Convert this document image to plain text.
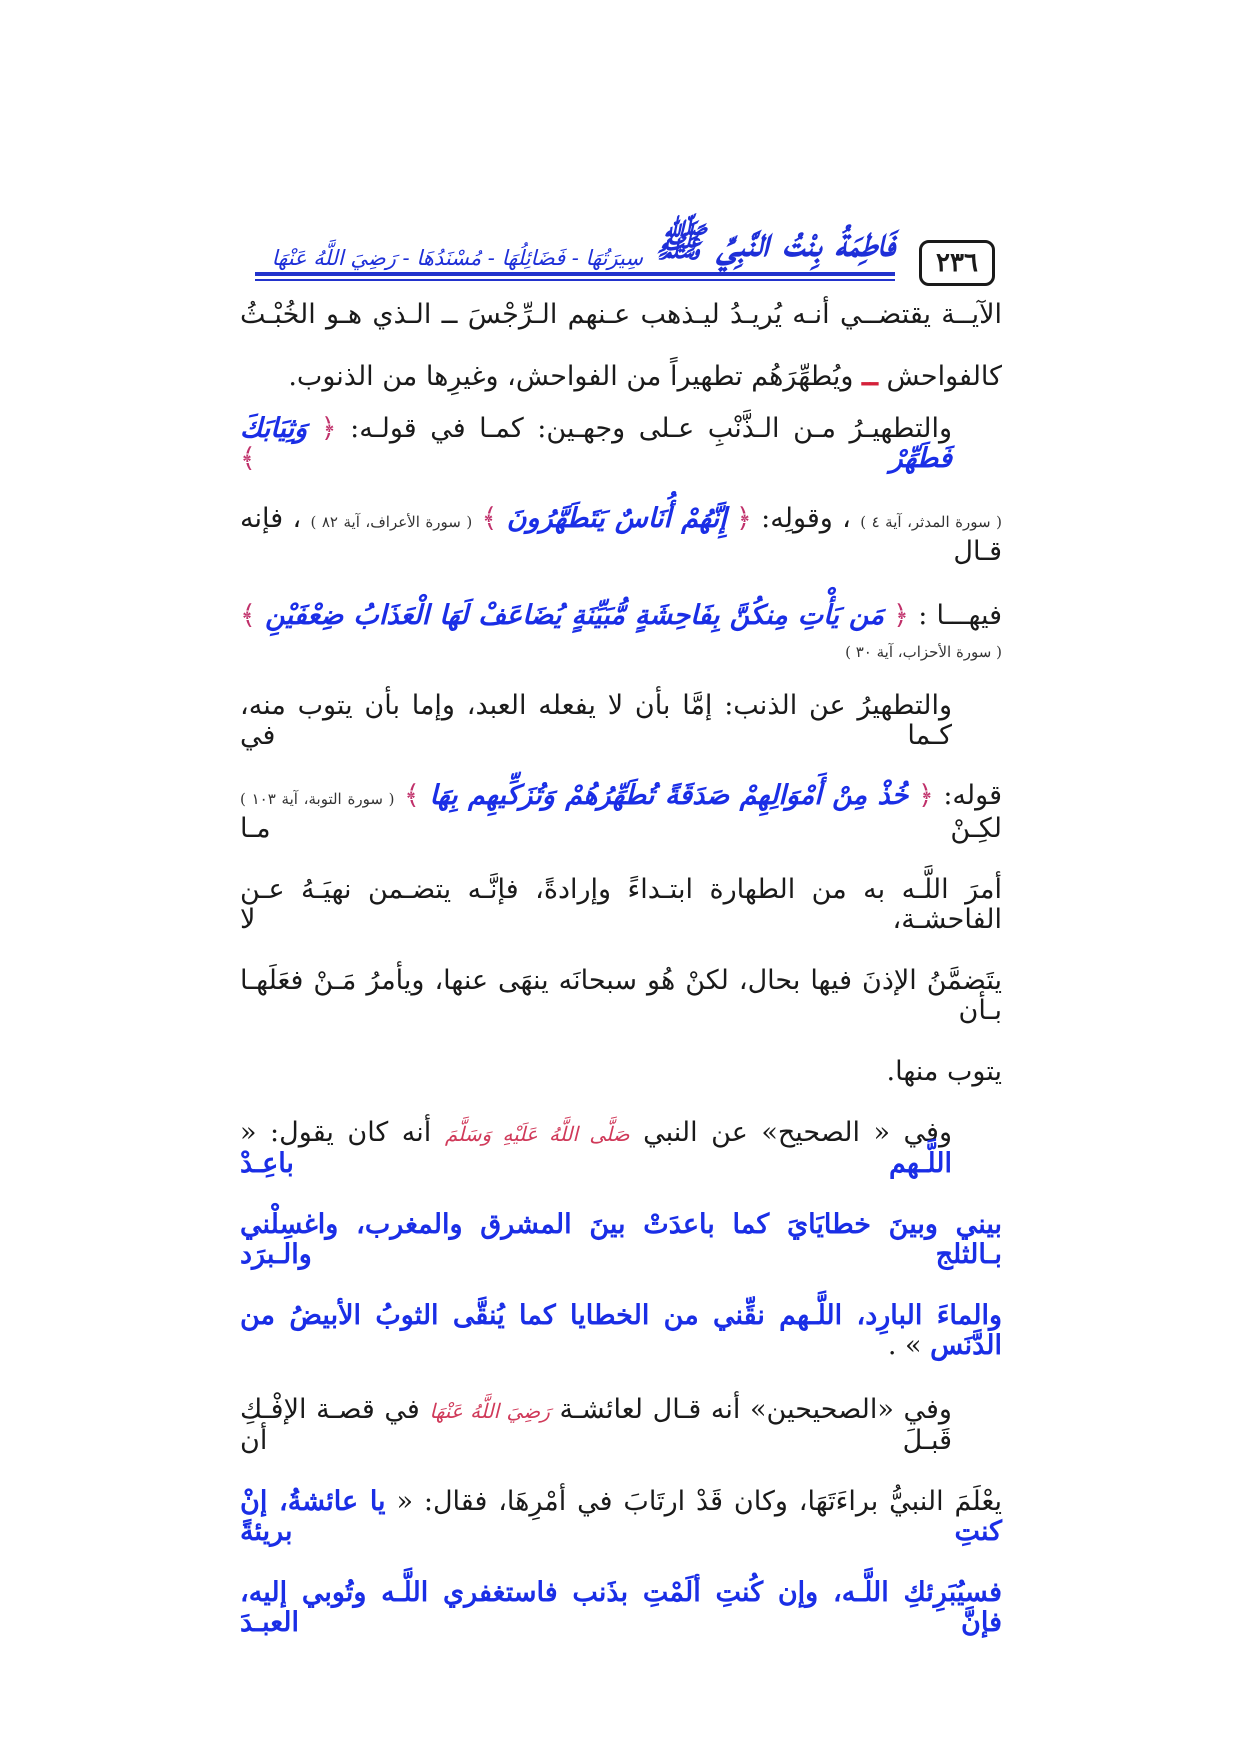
٢٣٦
فَاطِمَةُ بِنْتُ النَّبِيِّ ﷺ
سِيرَتُهَا - فَضَائِلُهَا - مُسْنَدُهَا - رَضِيَ اللَّهُ عَنْهَا
الآيــة يقتضــي أنـه يُريـدُ ليـذهب عـنهم الـرِّجْسَ ــ الـذي هـو الخُبْـثُ
كالفواحش ــ ويُطهِّرَهُم تطهيراً من الفواحش، وغيرِها من الذنوب.
والتطهيـرُ مـن الـذَّنْبِ عـلى وجهـين: كمـا في قولـه: ﴿ وَثِيَابَكَ فَطَهِّرْ ﴾
( سورة المدثر، آية ٤ ) ، وقولِه: ﴿ إِنَّهُمْ أُنَاسٌ يَتَطَهَّرُونَ ﴾ ( سورة الأعراف، آية ٨٢ ) ، فإنه قـال
فيهـــا : ﴿ مَن يَأْتِ مِنكُنَّ بِفَاحِشَةٍ مُّبَيِّنَةٍ يُضَاعَفْ لَهَا الْعَذَابُ ضِعْفَيْنِ ﴾
( سورة الأحزاب، آية ٣٠ )
والتطهيرُ عن الذنب: إمَّا بأن لا يفعله العبد، وإما بأن يتوب منه، كـما في
قوله: ﴿ خُذْ مِنْ أَمْوَالِهِمْ صَدَقَةً تُطَهِّرُهُمْ وَتُزَكِّيهِم بِهَا ﴾ ( سورة التوبة، آية ١٠٣ ) لكِـنْ مـا
أمرَ اللَّـه به من الطهارة ابتـداءً وإرادةً، فإنَّـه يتضـمن نهيَـهُ عـن الفاحشـة، لا
يتَضمَّنُ الإذنَ فيها بحال، لكنْ هُو سبحانَه ينهَى عنها، ويأمرُ مَـنْ فعَلَهـا بـأن
يتوب منها.
وفي « الصحيح» عن النبي صَلَّى اللَّهُ عَلَيْهِ وَسَلَّمَ أنه كان يقول: « اللَّـهم باعِـدْ
بيني وبينَ خطايَايَ كما باعدَتْ بينَ المشرق والمغرب، واغسِلْني بـالثلج والـبرَد
والماءَ البارِد، اللَّـهم نقِّني من الخطايا كما يُنقَّى الثوبُ الأبيضُ من الدَّنَس » .
وفي «الصحيحين» أنه قـال لعائشـة رَضِيَ اللَّهُ عَنْهَا في قصـة الإفْـكِ قَبـلَ أن
يعْلَمَ النبيُّ براءَتَهَا، وكان قَدْ ارتَابَ في أمْرِهَا، فقال: « يا عائشةُ، إنْ كنتِ بريئةً
فسيُبَرِئكِ اللَّـه، وإن كُنتِ ألَمْتِ بذَنب فاستغفري اللَّـه وتُوبي إليه، فإنَّ العبـدَ
